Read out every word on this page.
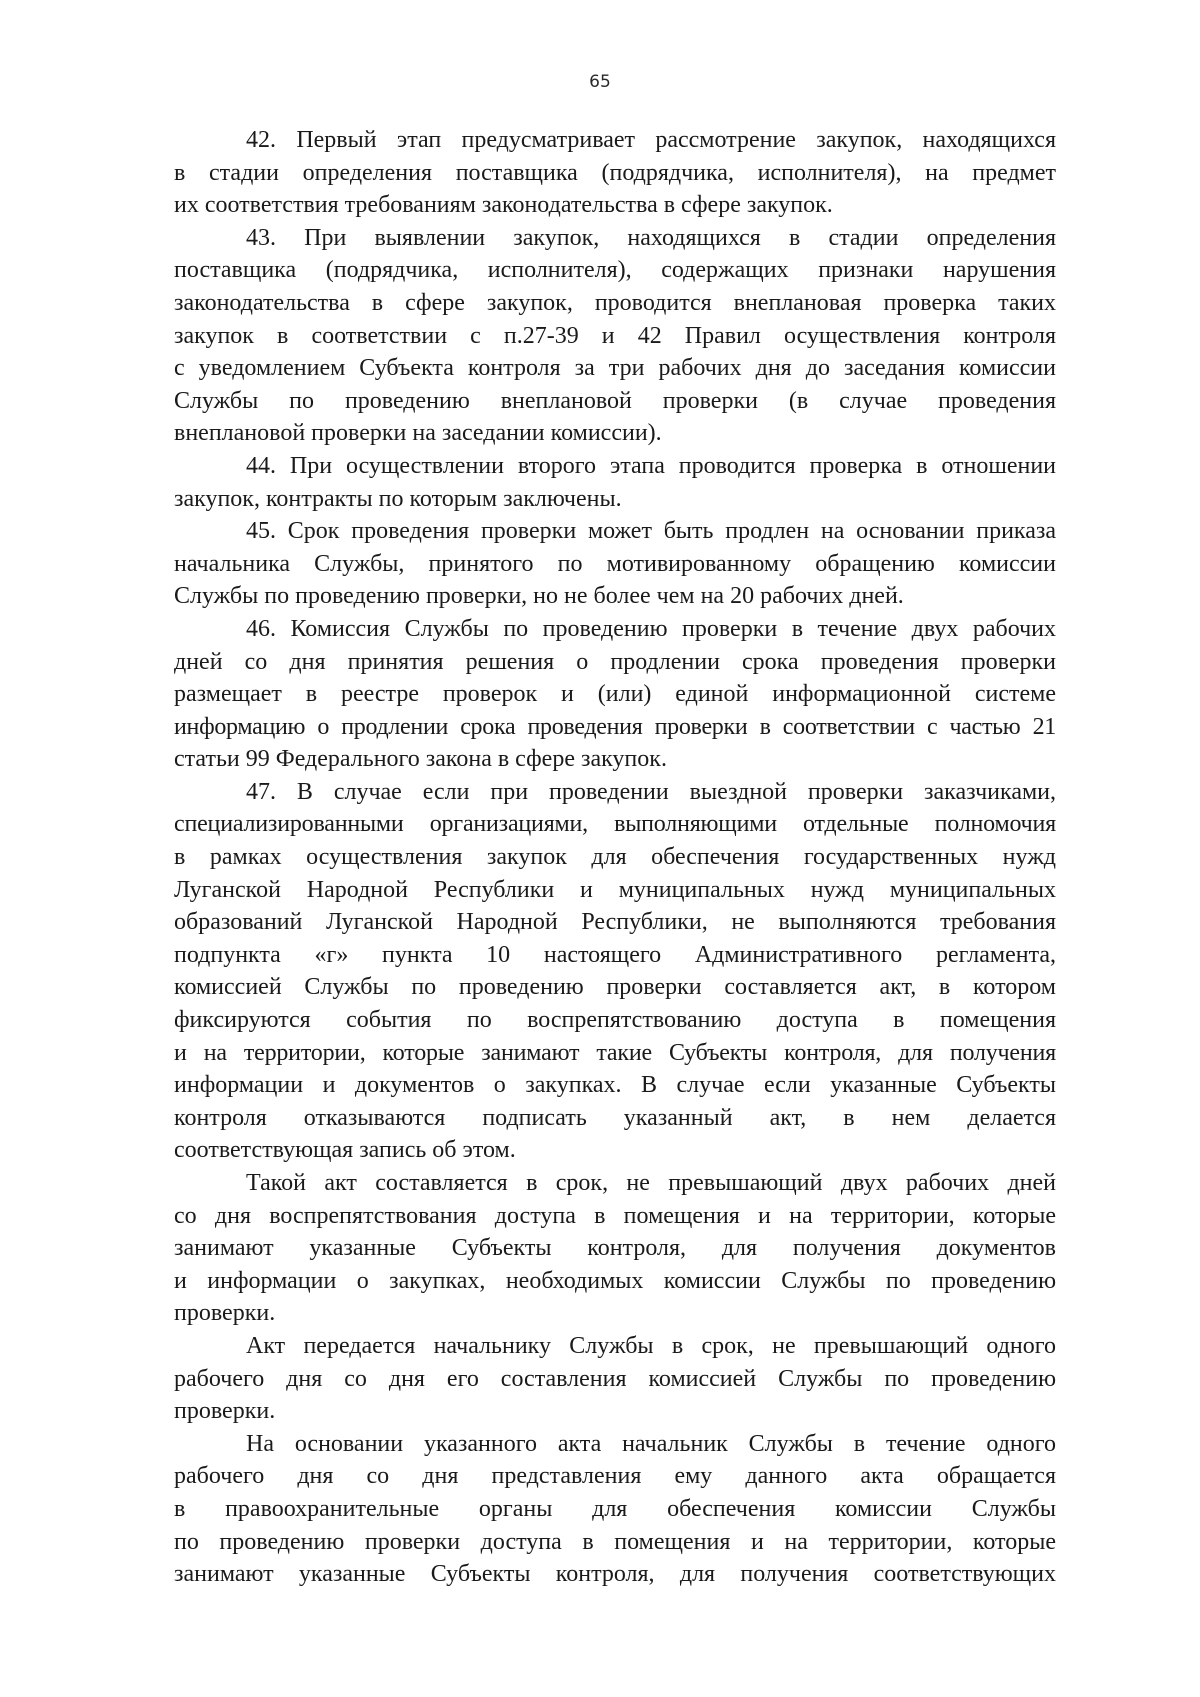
65
42. Первый этап предусматривает рассмотрение закупок, находящихся
в стадии определения поставщика (подрядчика, исполнителя), на предмет
их соответствия требованиям законодательства в сфере закупок.
43. При выявлении закупок, находящихся в стадии определения
поставщика (подрядчика, исполнителя), содержащих признаки нарушения
законодательства в сфере закупок, проводится внеплановая проверка таких
закупок в соответствии с п.27-39 и 42 Правил осуществления контроля
с уведомлением Субъекта контроля за три рабочих дня до заседания комиссии
Службы по проведению внеплановой проверки (в случае проведения
внеплановой проверки на заседании комиссии).
44. При осуществлении второго этапа проводится проверка в отношении
закупок, контракты по которым заключены.
45. Срок проведения проверки может быть продлен на основании приказа
начальника Службы, принятого по мотивированному обращению комиссии
Службы по проведению проверки, но не более чем на 20 рабочих дней.
46. Комиссия Службы по проведению проверки в течение двух рабочих
дней со дня принятия решения о продлении срока проведения проверки
размещает в реестре проверок и (или) единой информационной системе
информацию о продлении срока проведения проверки в соответствии с частью 21
статьи 99 Федерального закона в сфере закупок.
47. В случае если при проведении выездной проверки заказчиками,
специализированными организациями, выполняющими отдельные полномочия
в рамках осуществления закупок для обеспечения государственных нужд
Луганской Народной Республики и муниципальных нужд муниципальных
образований Луганской Народной Республики, не выполняются требования
подпункта «г» пункта 10 настоящего Административного регламента,
комиссией Службы по проведению проверки составляется акт, в котором
фиксируются события по воспрепятствованию доступа в помещения
и на территории, которые занимают такие Субъекты контроля, для получения
информации и документов о закупках. В случае если указанные Субъекты
контроля отказываются подписать указанный акт, в нем делается
соответствующая запись об этом.
Такой акт составляется в срок, не превышающий двух рабочих дней
со дня воспрепятствования доступа в помещения и на территории, которые
занимают указанные Субъекты контроля, для получения документов
и информации о закупках, необходимых комиссии Службы по проведению
проверки.
Акт передается начальнику Службы в срок, не превышающий одного
рабочего дня со дня его составления комиссией Службы по проведению
проверки.
На основании указанного акта начальник Службы в течение одного
рабочего дня со дня представления ему данного акта обращается
в правоохранительные органы для обеспечения комиссии Службы
по проведению проверки доступа в помещения и на территории, которые
занимают указанные Субъекты контроля, для получения соответствующих
